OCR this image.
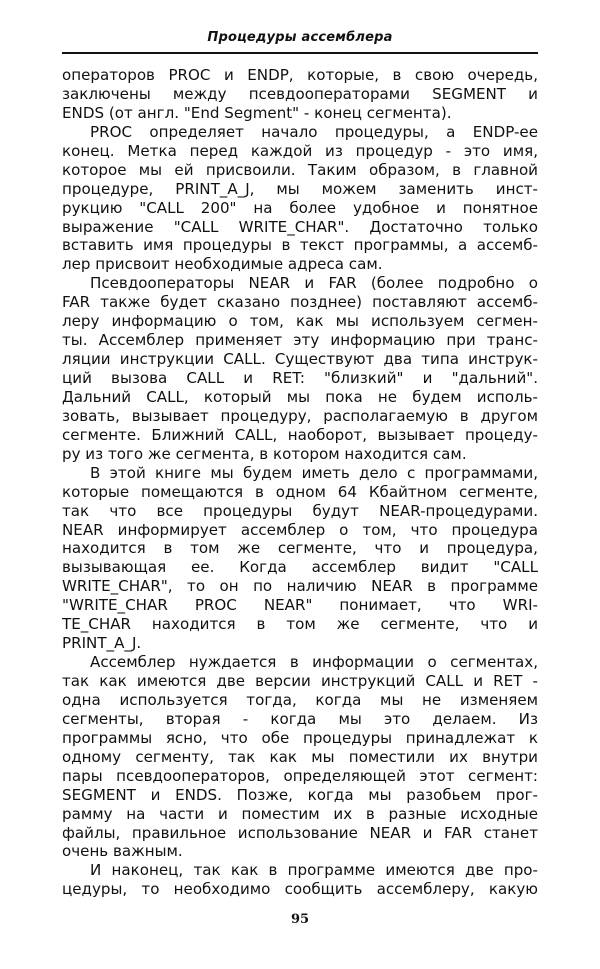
Процедуры ассемблера
операторов PROC и ENDP, которые, в свою очередь,
заключены между псевдооператорами SEGMENT и
ENDS (от англ. "End Segment" - конец сегмента).
PROC определяет начало процедуры, а ENDP-ее
конец. Метка перед каждой из процедур - это имя,
которое мы ей присвоили. Таким образом, в главной
процедуре, PRINT_A_J, мы можем заменить инст-
рукцию "CALL 200" на более удобное и понятное
выражение "CALL WRITE_CHAR". Достаточно только
вставить имя процедуры в текст программы, а ассемб-
лер присвоит необходимые адреса сам.
Псевдооператоры NEAR и FAR (более подробно о
FAR также будет сказано позднее) поставляют ассемб-
леру информацию о том, как мы используем сегмен-
ты. Ассемблер применяет эту информацию при транс-
ляции инструкции CALL. Существуют два типа инструк-
ций вызова CALL и RET: "близкий" и "дальний".
Дальний CALL, который мы пока не будем исполь-
зовать, вызывает процедуру, располагаемую в другом
сегменте. Ближний CALL, наоборот, вызывает процеду-
ру из того же сегмента, в котором находится сам.
В этой книге мы будем иметь дело с программами,
которые помещаются в одном 64 Кбайтном сегменте,
так что все процедуры будут NEAR-процедурами.
NEAR информирует ассемблер о том, что процедура
находится в том же сегменте, что и процедура,
вызывающая ее. Когда ассемблер видит "CALL
WRITE_CHAR", то он по наличию NEAR в программе
"WRITE_CHAR PROC NEAR" понимает, что WRI-
TE_CHAR находится в том же сегменте, что и
PRINT_A_J.
Ассемблер нуждается в информации о сегментах,
так как имеются две версии инструкций CALL и RET -
одна используется тогда, когда мы не изменяем
сегменты, вторая - когда мы это делаем. Из
программы ясно, что обе процедуры принадлежат к
одному сегменту, так как мы поместили их внутри
пары псевдооператоров, определяющей этот сегмент:
SEGMENT и ENDS. Позже, когда мы разобьем прог-
рамму на части и поместим их в разные исходные
файлы, правильное использование NEAR и FAR станет
очень важным.
И наконец, так как в программе имеются две про-
цедуры, то необходимо сообщить ассемблеру, какую
95
